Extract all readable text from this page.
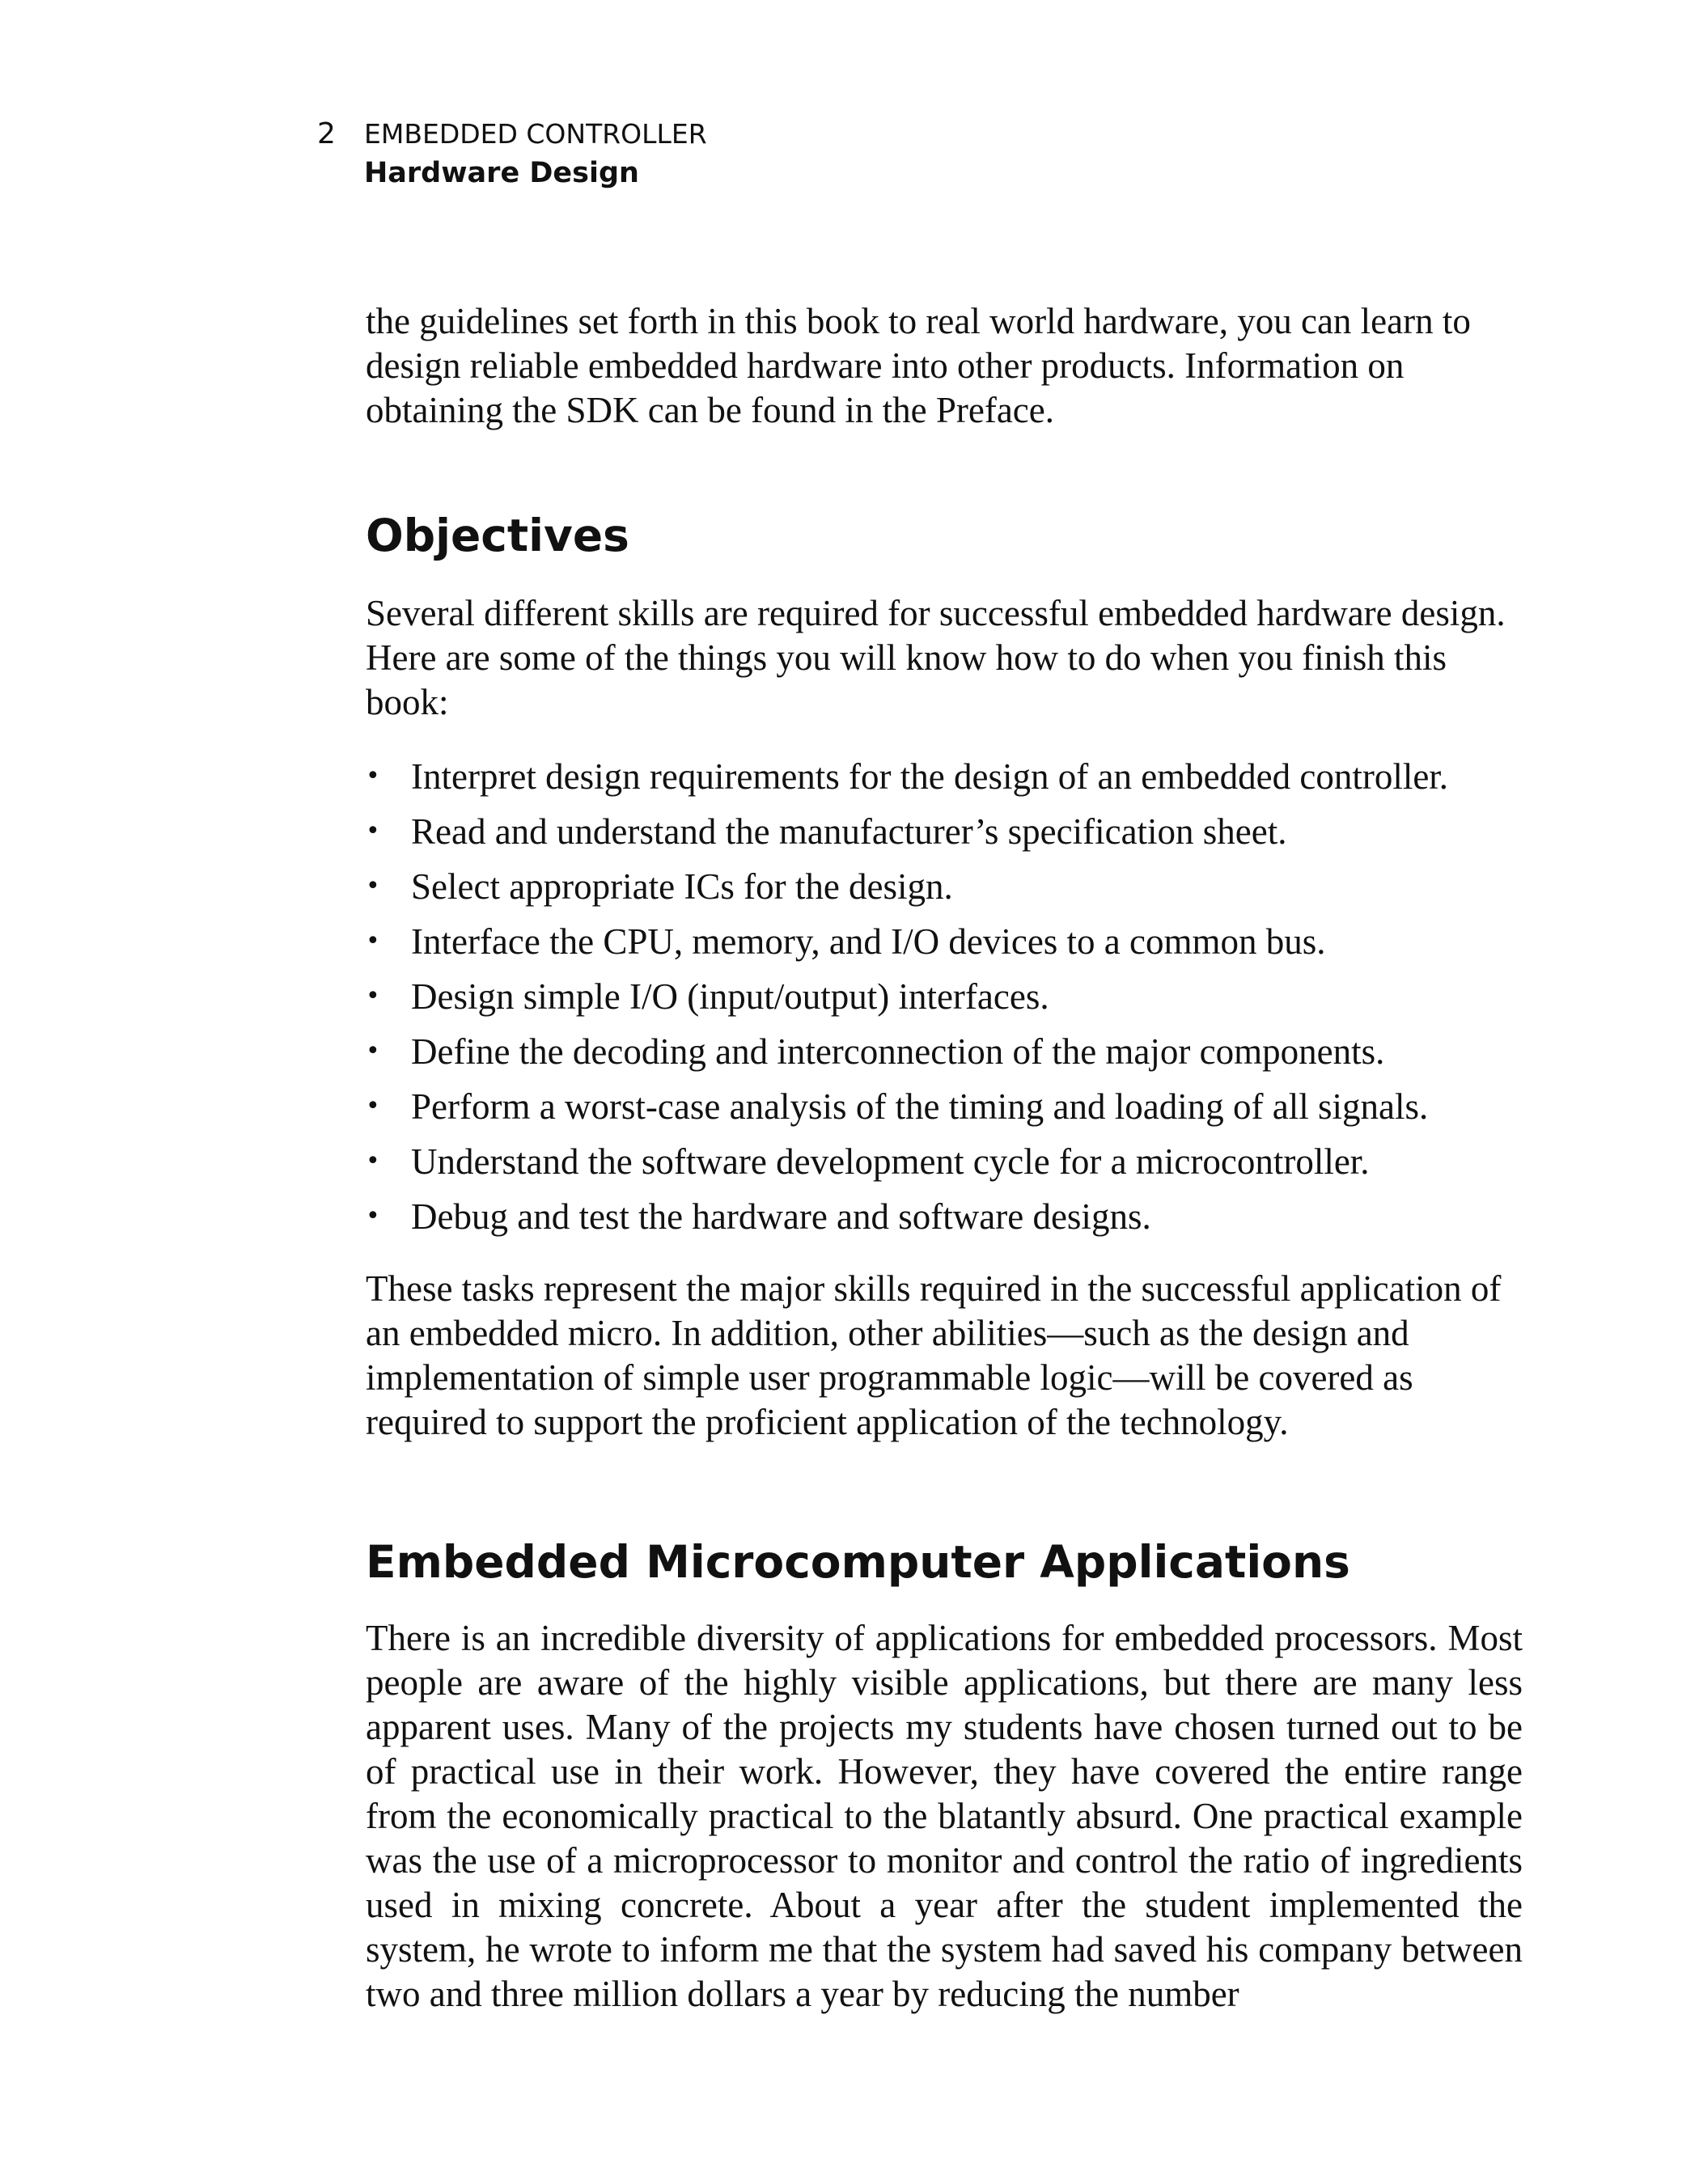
2 EMBEDDED CONTROLLER
Hardware Design

the guidelines set forth in this book to real world hardware, you can learn to design reliable embedded hardware into other products. Information on obtaining the SDK can be found in the Preface.

Objectives

Several different skills are required for successful embedded hardware design. Here are some of the things you will know how to do when you finish this book:

• Interpret design requirements for the design of an embedded controller.
• Read and understand the manufacturer’s specification sheet.
• Select appropriate ICs for the design.
• Interface the CPU, memory, and I/O devices to a common bus.
• Design simple I/O (input/output) interfaces.
• Define the decoding and interconnection of the major components.
• Perform a worst-case analysis of the timing and loading of all signals.
• Understand the software development cycle for a microcontroller.
• Debug and test the hardware and software designs.

These tasks represent the major skills required in the successful application of an embedded micro. In addition, other abilities—such as the design and implementation of simple user programmable logic—will be covered as required to support the proficient application of the technology.

Embedded Microcomputer Applications

There is an incredible diversity of applications for embedded processors. Most people are aware of the highly visible applications, but there are many less apparent uses. Many of the projects my students have chosen turned out to be of practical use in their work. However, they have covered the entire range from the economically practical to the blatantly absurd. One practical example was the use of a microprocessor to monitor and control the ratio of ingredients used in mixing concrete. About a year after the student implemented the system, he wrote to inform me that the system had saved his company between two and three million dollars a year by reducing the number
